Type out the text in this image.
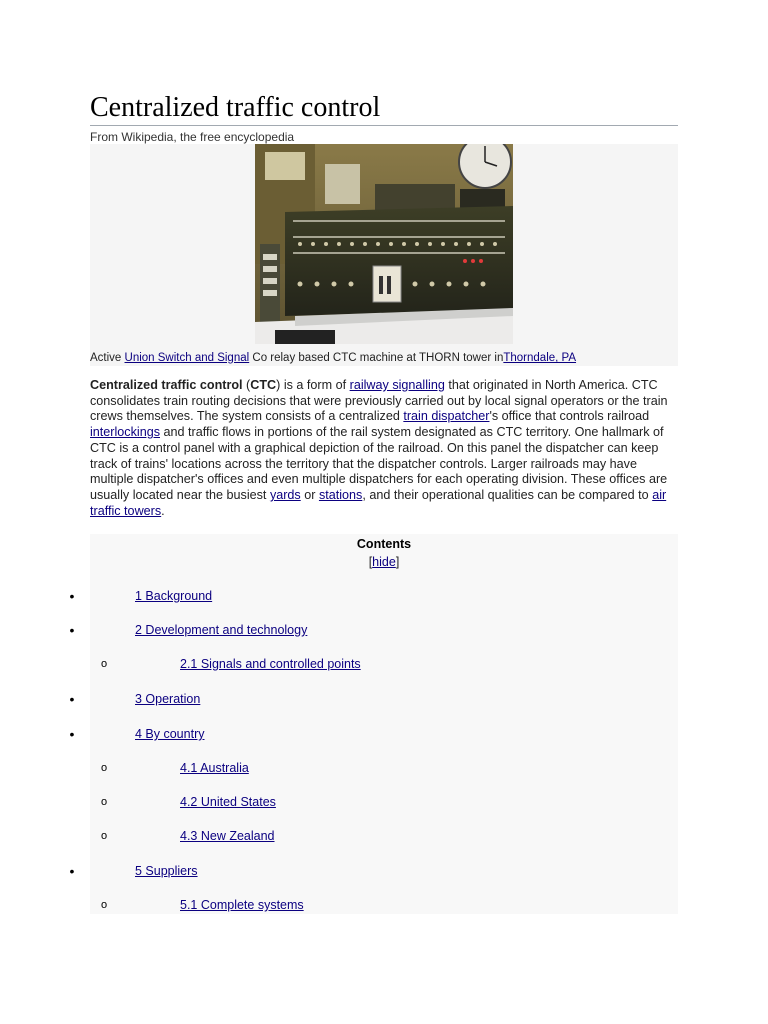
Centralized traffic control
From Wikipedia, the free encyclopedia
Active Union Switch and Signal Co relay based CTC machine at THORN tower inThorndale, PA

Centralized traffic control (CTC) is a form of railway signalling that originated in North America. CTC consolidates train routing decisions that were previously carried out by local signal operators or the train crews themselves. The system consists of a centralized train dispatcher's office that controls railroad interlockings and traffic flows in portions of the rail system designated as CTC territory. One hallmark of CTC is a control panel with a graphical depiction of the railroad. On this panel the dispatcher can keep track of trains' locations across the territory that the dispatcher controls. Larger railroads may have multiple dispatcher's offices and even multiple dispatchers for each operating division. These offices are usually located near the busiest yards or stations, and their operational qualities can be compared to air traffic towers.

Contents
[hide]
•	1 Background
•	2 Development and technology
o	2.1 Signals and controlled points
•	3 Operation
•	4 By country
o	4.1 Australia
o	4.2 United States
o	4.3 New Zealand
•	5 Suppliers
o	5.1 Complete systems
